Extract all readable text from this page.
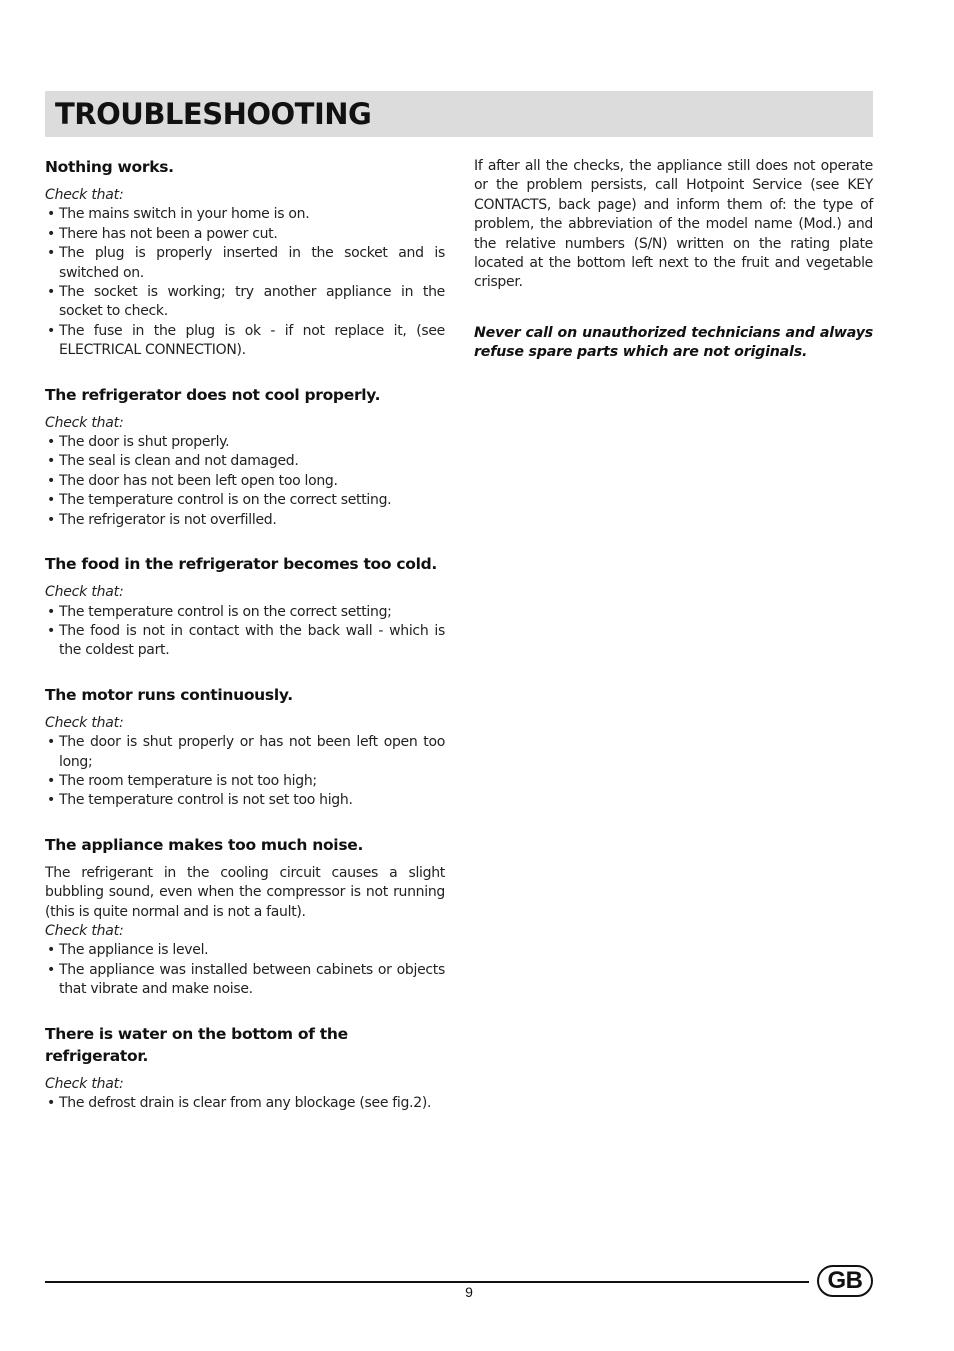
TROUBLESHOOTING
Nothing works.
Check that:
• The mains switch in your home is on.
• There has not been a power cut.
• The plug is properly inserted in the socket and is switched on.
• The socket is working; try another appliance in the socket to check.
• The fuse in the plug is ok - if not replace it, (see ELECTRICAL CONNECTION).
The refrigerator does not cool properly.
Check that:
• The door is shut properly.
• The seal is clean and not damaged.
• The door has not been left open too long.
• The temperature control is on the correct setting.
• The refrigerator is not overfilled.
The food in the refrigerator becomes too cold.
Check that:
• The temperature control is on the correct setting;
• The food is not in contact with the back wall - which is the coldest part.
The motor runs continuously.
Check that:
• The door is shut properly or has not been left open too long;
• The room temperature is not too high;
• The temperature control is not set too high.
The appliance makes too much noise.

The refrigerant in the cooling circuit causes a slight bubbling sound, even when the compressor is not running (this is quite normal and is not a fault).

Check that:
• The appliance is level.
• The appliance was installed between cabinets or objects that vibrate and make noise.
There is water on the bottom of the refrigerator.
Check that:
• The defrost drain is clear from any blockage (see fig.2).

If after all the checks, the appliance still does not operate or the problem persists, call Hotpoint Service (see KEY CONTACTS, back page) and inform them of: the type of problem, the abbreviation of the model name (Mod.) and the relative numbers (S/N) written on the rating plate located at the bottom left next to the fruit and vegetable crisper.

Never call on unauthorized technicians and always refuse spare parts which are not originals.
9	GB
